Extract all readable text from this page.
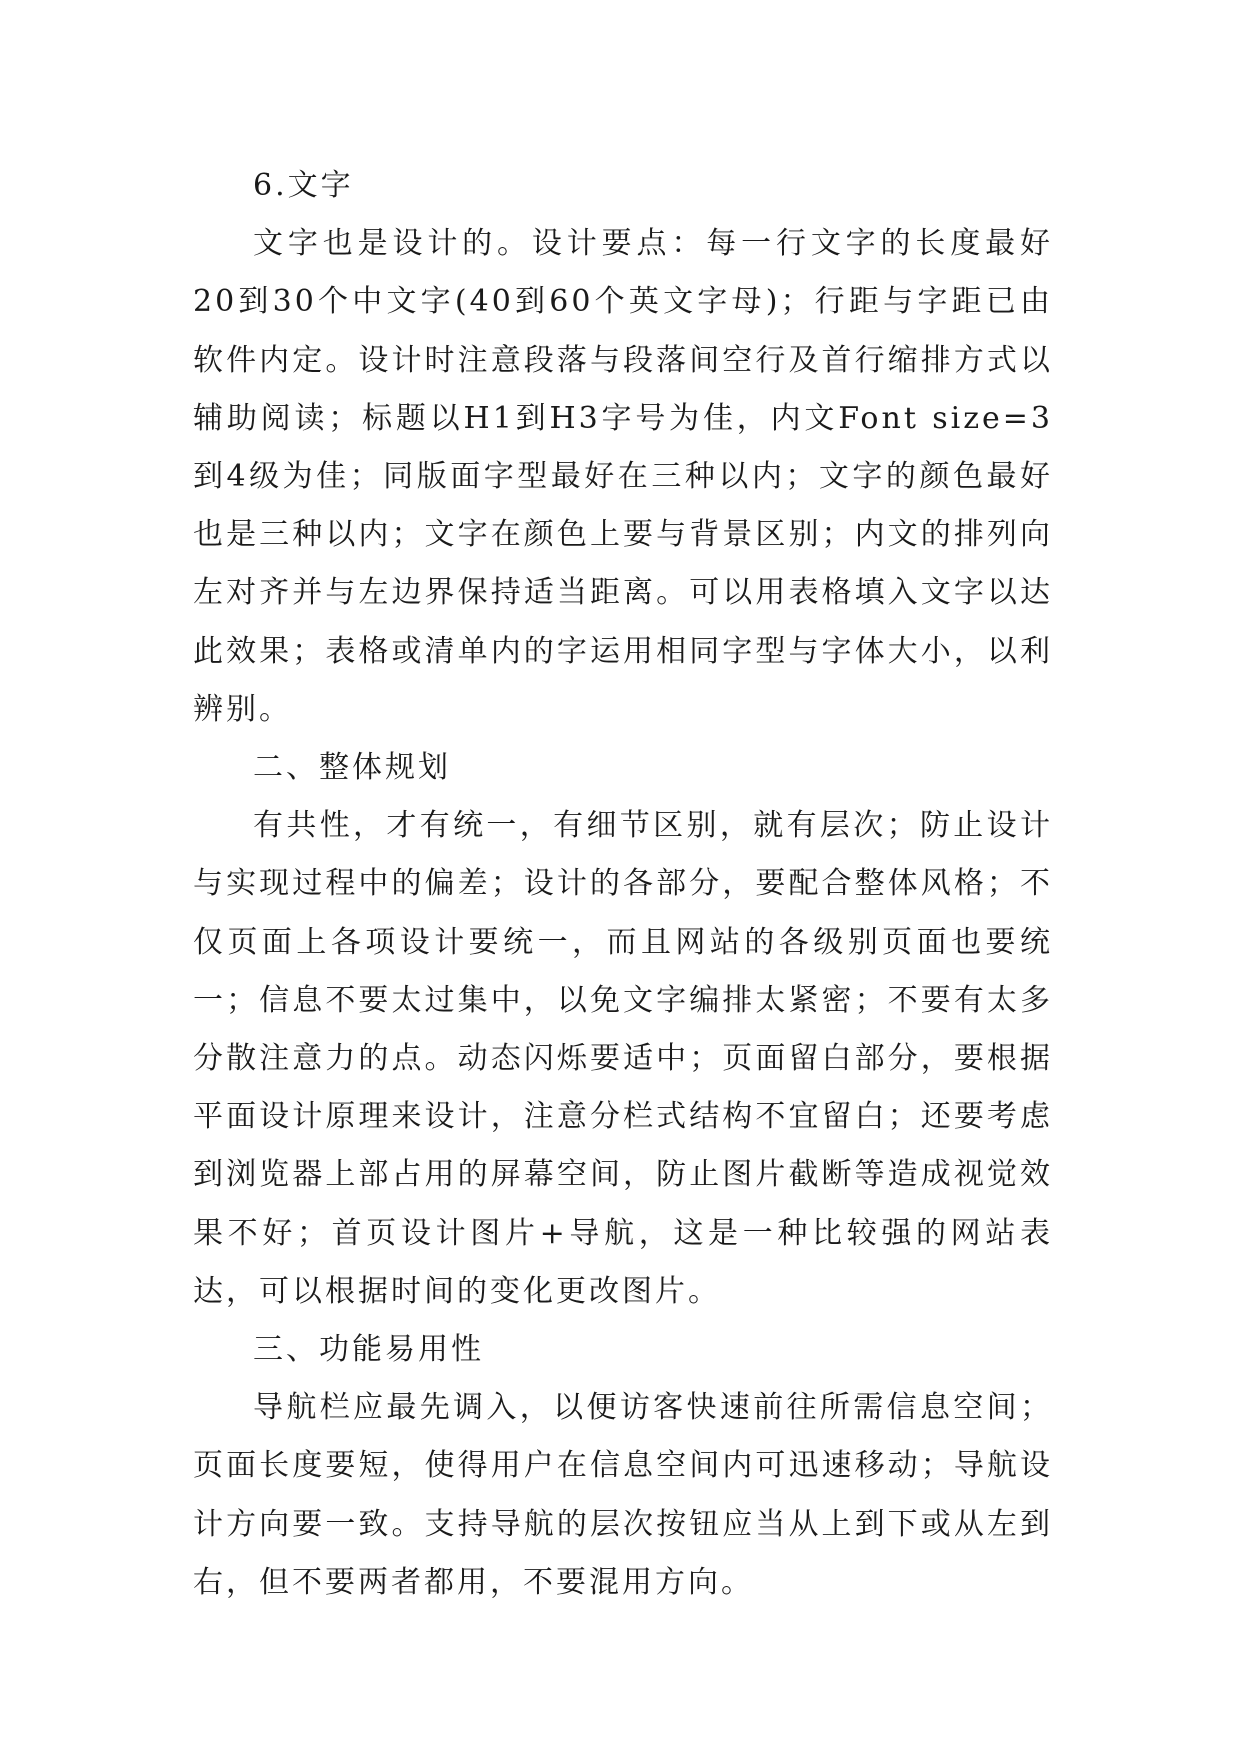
6.文字

文字也是设计的。设计要点：每一行文字的长度最好20到30个中文字(40到60个英文字母)；行距与字距已由软件内定。设计时注意段落与段落间空行及首行缩排方式以辅助阅读；标题以H1到H3字号为佳，内文Font size=3到4级为佳；同版面字型最好在三种以内；文字的颜色最好也是三种以内；文字在颜色上要与背景区别；内文的排列向左对齐并与左边界保持适当距离。可以用表格填入文字以达此效果；表格或清单内的字运用相同字型与字体大小，以利辨别。

二、整体规划

有共性，才有统一，有细节区别，就有层次；防止设计与实现过程中的偏差；设计的各部分，要配合整体风格；不仅页面上各项设计要统一，而且网站的各级别页面也要统一；信息不要太过集中，以免文字编排太紧密；不要有太多分散注意力的点。动态闪烁要适中；页面留白部分，要根据平面设计原理来设计，注意分栏式结构不宜留白；还要考虑到浏览器上部占用的屏幕空间，防止图片截断等造成视觉效果不好；首页设计图片+导航，这是一种比较强的网站表达，可以根据时间的变化更改图片。

三、功能易用性

导航栏应最先调入，以便访客快速前往所需信息空间；页面长度要短，使得用户在信息空间内可迅速移动；导航设计方向要一致。支持导航的层次按钮应当从上到下或从左到右，但不要两者都用，不要混用方向。
